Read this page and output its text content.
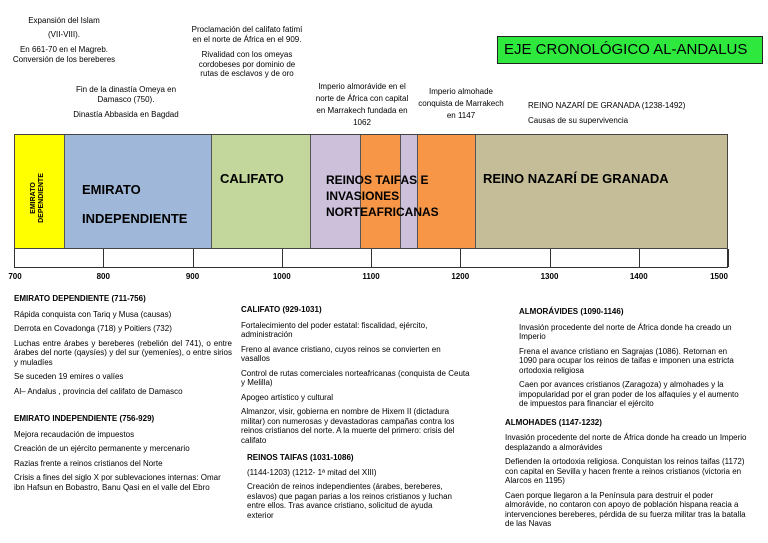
EJE CRONOLÓGICO AL-ANDALUS

Expansión del Islam

(VII-VIII).

En 661-70 en el Magreb. Conversión de los bereberes

Fin de la dinastía Omeya en Damasco (750).

Dinastía Abbasida en Bagdad

Proclamación del califato fatimí en el norte de África en el 909.

Rivalidad con los omeyas cordobeses por dominio de rutas de esclavos y de oro

Imperio almorávide en el norte de África con capital en Marrakech fundada en 1062

Imperio almohade conquista de Marrakech en 1147

REINO NAZARÍ DE GRANADA (1238-1492)

Causas de su supervivencia

EMIRATO DEPENDIENTE	EMIRATO
INDEPENDIENTE
CALIFATO	REINOS TAIFAS E
INVASIONES
NORTEAFRICANAS
REINO NAZARÍ DE GRANADA
700	800	900	1000	1100	1200	1300	1400	1500
EMIRATO DEPENDIENTE (711-756)

Rápida conquista con Tariq y Musa (causas)

Derrota en Covadonga (718) y Poitiers (732)

Luchas entre árabes y bereberes (rebelión del 741), o entre árabes del norte (qaysíes) y del sur (yemeníes), o entre sirios y muladíes

Se suceden 19 emires o valíes

Al– Andalus , provincia del califato de Damasco

EMIRATO INDEPENDIENTE (756-929)

Mejora recaudación de impuestos

Creación de un ejército permanente y mercenario

Razias frente a reinos cristianos del Norte

Crisis a fines del siglo X por sublevaciones internas: Omar ibn Hafsun en Bobastro, Banu Qasi en el valle del Ebro

CALIFATO (929-1031)

Fortalecimiento del poder estatal: fiscalidad, ejército, administración

Freno al avance cristiano, cuyos reinos se convierten en vasallos

Control de rutas comerciales norteafricanas (conquista de Ceuta y Melilla)

Apogeo artístico y cultural

Almanzor, visir, gobierna en nombre de Hixem II (dictadura militar) con numerosas y devastadoras campañas contra los reinos cristianos del norte. A la muerte del primero: crisis del califato

REINOS TAIFAS (1031-1086)

(1144-1203) (1212- 1ª mitad del XIII)

Creación de reinos independientes (árabes, bereberes, eslavos) que pagan parias a los reinos cristianos y luchan entre ellos. Tras avance cristiano, solicitud de ayuda exterior

ALMORÁVIDES (1090-1146)

Invasión procedente del norte de África donde ha creado un Imperio

Frena el avance cristiano en Sagrajas (1086). Retornan en 1090 para ocupar los reinos de taifas e imponen una estricta ortodoxia religiosa

Caen por avances cristianos (Zaragoza) y almohades y la impopularidad por el gran poder de los alfaquíes y el aumento de impuestos para financiar el ejército

ALMOHADES (1147-1232)

Invasión procedente del norte de África donde ha creado un Imperio desplazando a almorávides

Defienden la ortodoxia religiosa. Conquistan los reinos taifas (1172) con capital en Sevilla y hacen frente a reinos cristianos (victoria en Alarcos en 1195)

Caen porque llegaron a la Península para destruir el poder almorávide, no contaron con apoyo de población hispana reacia a intervenciones bereberes, pérdida de su fuerza militar tras la batalla de las Navas
